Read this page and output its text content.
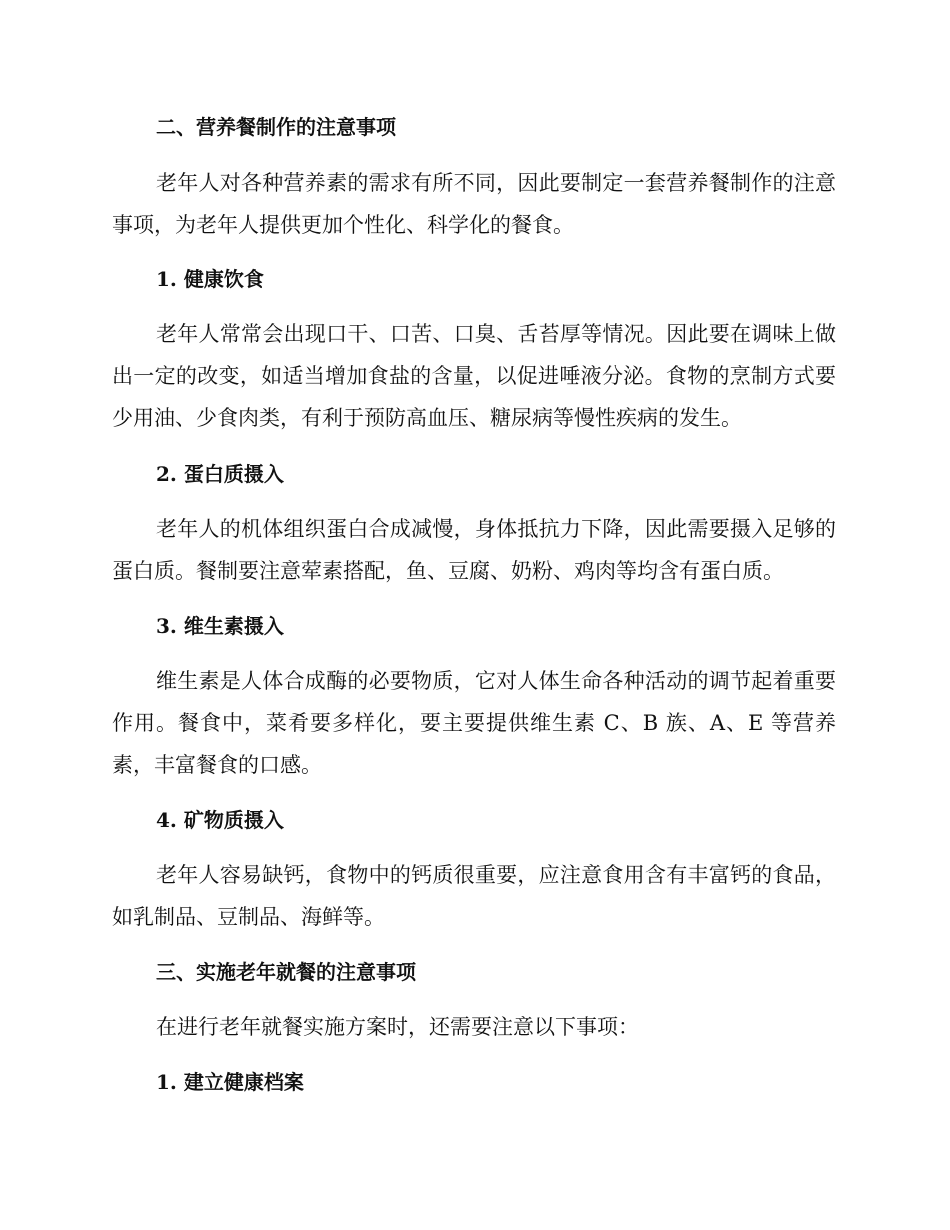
二、营养餐制作的注意事项

老年人对各种营养素的需求有所不同，因此要制定一套营养餐制作的注意事项，为老年人提供更加个性化、科学化的餐食。

1. 健康饮食

老年人常常会出现口干、口苦、口臭、舌苔厚等情况。因此要在调味上做出一定的改变，如适当增加食盐的含量，以促进唾液分泌。食物的烹制方式要少用油、少食肉类，有利于预防高血压、糖尿病等慢性疾病的发生。

2. 蛋白质摄入

老年人的机体组织蛋白合成减慢，身体抵抗力下降，因此需要摄入足够的蛋白质。餐制要注意荤素搭配，鱼、豆腐、奶粉、鸡肉等均含有蛋白质。

3. 维生素摄入

维生素是人体合成酶的必要物质，它对人体生命各种活动的调节起着重要作用。餐食中，菜肴要多样化，要主要提供维生素 C、B 族、A、E 等营养素，丰富餐食的口感。

4. 矿物质摄入

老年人容易缺钙，食物中的钙质很重要，应注意食用含有丰富钙的食品，如乳制品、豆制品、海鲜等。

三、实施老年就餐的注意事项

在进行老年就餐实施方案时，还需要注意以下事项：

1. 建立健康档案
